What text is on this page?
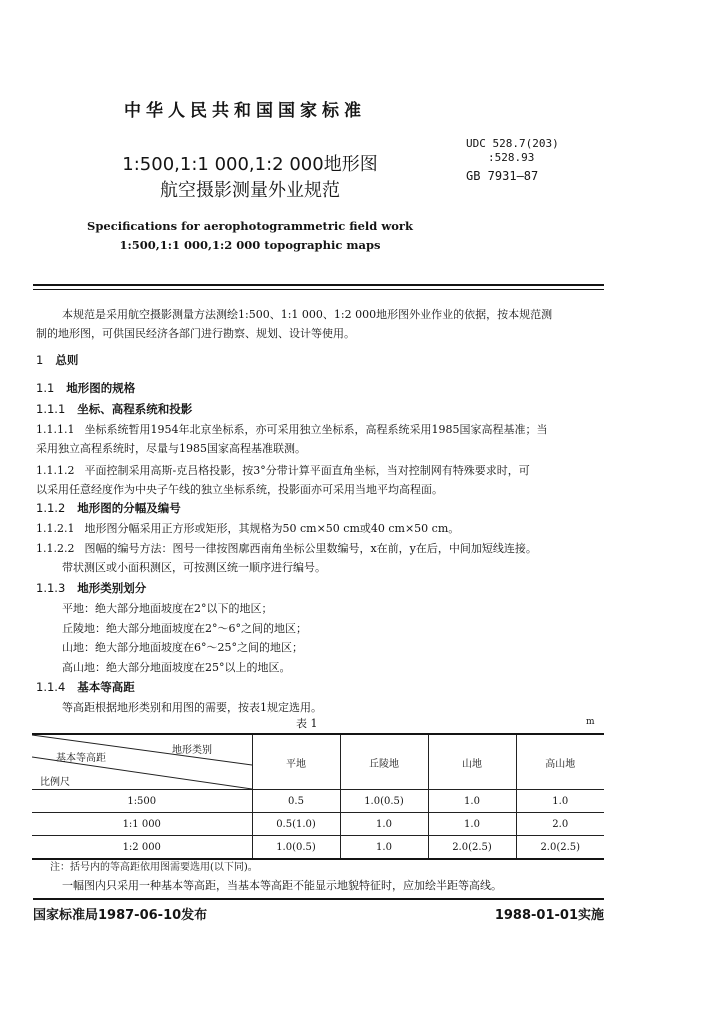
中华人民共和国国家标准
UDC 528.7(203)
:528.93
GB 7931—87
1:500,1:1 000,1:2 000地形图
航空摄影测量外业规范
Specifications for aerophotogrammetric field work
1:500,1:1 000,1:2 000 topographic maps
本规范是采用航空摄影测量方法测绘1:500、1:1 000、1:2 000地形图外业作业的依据，按本规范测
制的地形图，可供国民经济各部门进行勘察、规划、设计等使用。
1 总则
1.1 地形图的规格
1.1.1 坐标、高程系统和投影
1.1.1.1 坐标系统暂用1954年北京坐标系，亦可采用独立坐标系，高程系统采用1985国家高程基准；当
采用独立高程系统时，尽量与1985国家高程基准联测。
1.1.1.2 平面控制采用高斯-克吕格投影，按3°分带计算平面直角坐标，当对控制网有特殊要求时，可
以采用任意经度作为中央子午线的独立坐标系统，投影面亦可采用当地平均高程面。
1.1.2 地形图的分幅及编号
1.1.2.1 地形图分幅采用正方形或矩形，其规格为50 cm×50 cm或40 cm×50 cm。
1.1.2.2 图幅的编号方法：图号一律按图廓西南角坐标公里数编号，x在前，y在后，中间加短线连接。
带状测区或小面积测区，可按测区统一顺序进行编号。
1.1.3 地形类别划分
平地：绝大部分地面坡度在2°以下的地区；
丘陵地：绝大部分地面坡度在2°～6°之间的地区；
山地：绝大部分地面坡度在6°～25°之间的地区；
高山地：绝大部分地面坡度在25°以上的地区。
1.1.4 基本等高距
等高距根据地形类别和用图的需要，按表1规定选用。
表 1	m
地形类别
基本等高距
比例尺	平地	丘陵地	山地	高山地
1:500	0.5	1.0(0.5)	1.0	1.0
1:1 000	0.5(1.0)	1.0	1.0	2.0
1:2 000	1.0(0.5)	1.0	2.0(2.5)	2.0(2.5)
注：括号内的等高距依用图需要选用(以下同)。
一幅图内只采用一种基本等高距，当基本等高距不能显示地貌特征时，应加绘半距等高线。
国家标准局1987-06-10发布	1988-01-01实施
